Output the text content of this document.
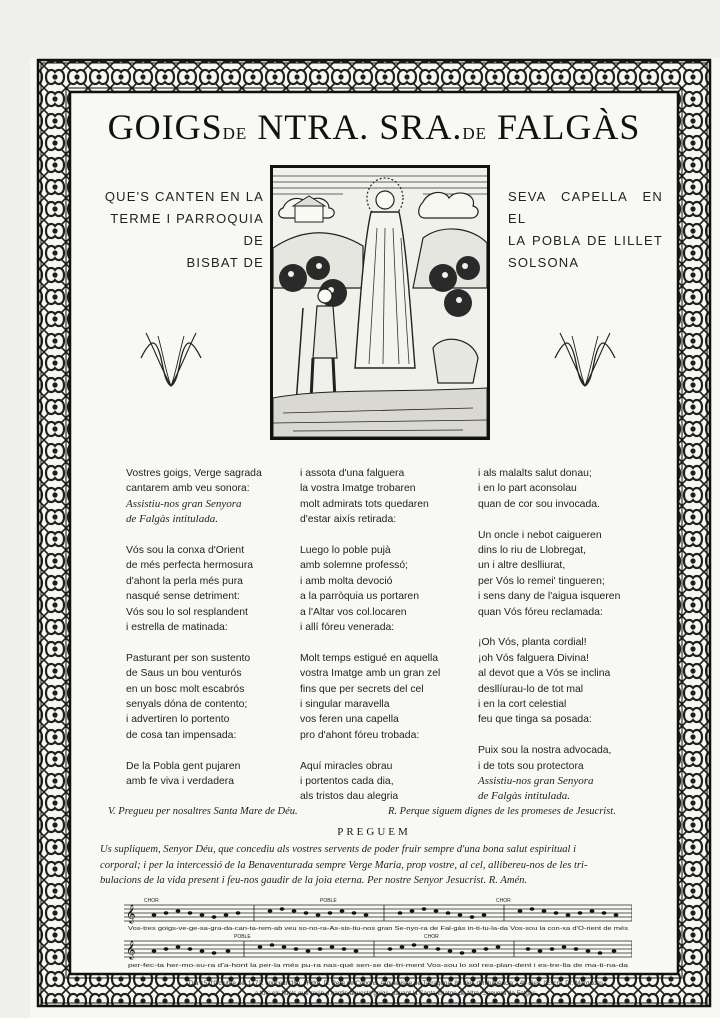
GOIGSDE NTRA. SRA.DE FALGÀS
QUE'S CANTEN EN LA
TERME I PARROQUIA DE
BISBAT DE
SEVA CAPELLA EN EL
LA POBLA DE LILLET
SOLSONA
Vostres goigs, Verge sagrada
cantarem amb veu sonora:
Assistiu-nos gran Senyora
de Falgàs intitulada.
Vós sou la conxa d'Orient
de més perfecta hermosura
d'ahont la perla més pura
nasqué sense detriment:
Vós sou lo sol resplandent
i estrella de matinada:
Pasturant per son sustento
de Saus un bou venturós
en un bosc molt escabrós
senyals dóna de contento;
i advertiren lo portento
de cosa tan impensada:
De la Pobla gent pujaren
amb fe viva i verdadera
i assota d'una falguera
la vostra Imatge trobaren
molt admirats tots quedaren
d'estar aixís retirada:
Luego lo poble pujà
amb solemne professó;
i amb molta devoció
a la parròquia us portaren
a l'Altar vos col.locaren
i allí fóreu venerada:
Molt temps estigué en aquella
vostra Imatge amb un gran zel
fins que per secrets del cel
i singular maravella
vos feren una capella
pro d'ahont fóreu trobada:
Aquí miracles obrau
i portentos cada dia,
als tristos dau alegria
i als malalts salut donau;
i en lo part aconsolau
quan de cor sou invocada.
Un oncle i nebot caigueren
dins lo riu de Llobregat,
un i altre deslliurat,
per Vós lo remei' tingueren;
i sens dany de l'aigua isqueren
quan Vós fóreu reclamada:
¡Oh Vós, planta cordial!
¡oh Vós falguera Divina!
al devot que a Vós se inclina
desllíurau-lo de tot mal
i en la cort celestial
feu que tinga sa posada:
Puix sou la nostra advocada,
i de tots sou protectora
Assistiu-nos gran Senyora
de Falgàs intitulada.
V. Pregueu per nosaltres Santa Mare de Déu.	R. Perque siguem dignes de les promeses de Jesucrist.
PREGUEM
Us supliquem, Senyor Déu, que concediu als vostres servents de poder fruir sempre d'una bona salut espiritual i
corporal; i per la intercessió de la Benaventurada sempre Verge Maria, prop vostre, al cel, allibereu-nos de les tri-
bulacions de la vida present i feu-nos gaudir de la joia eterna. Per nostre Senyor Jesucrist. R. Amén.
𝄞
𝄞
CHOR	POBLE	CHOR
POBLE	CHOR
Vos-tres goigs-ve-ge-sa-gra-da-can-ta-rem-ab veu so-no-ra-As-sis-tiu-nos gran Se-nyo-ra de Fal-gàs in-ti-tu-la-da Vos-sou la con-xa d'O-rient de més
per-fec-ta her-mo-su-ra d'a-hont la per-la més pu-ra nas-qué sen-se de-tri-ment Vos-sou lo sol res-plan-dent i es-tre-lla de ma-ti-na-da
Dia 15 d'Octubre del 1773, concedí l'Ilm. i Rdm. D. Pere de Copons, Arquebisbe de Tarragona, 80 dies d'indulgència; i 40 dies, l'Excm. Dr. Morgades
a tots els fidels que resin o cantin aquests goigs, davant la Santa Imatge de Ntra. Senyora de Falgàs.
